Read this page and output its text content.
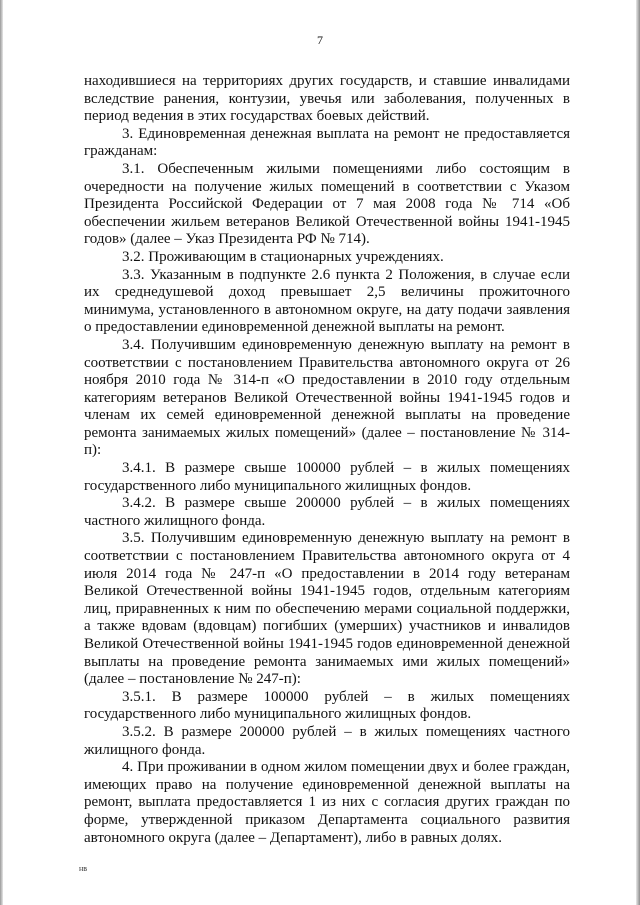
7

находившиеся на территориях других государств, и ставшие инвалидами вследствие ранения, контузии, увечья или заболевания, полученных в период ведения в этих государствах боевых действий.

3. Единовременная денежная выплата на ремонт не предоставляется гражданам:

3.1. Обеспеченным жилыми помещениями либо состоящим в очередности на получение жилых помещений в соответствии с Указом Президента Российской Федерации от 7 мая 2008 года № 714 «Об обеспечении жильем ветеранов Великой Отечественной войны 1941-1945 годов» (далее – Указ Президента РФ № 714).

3.2. Проживающим в стационарных учреждениях.

3.3. Указанным в подпункте 2.6 пункта 2 Положения, в случае если их среднедушевой доход превышает 2,5 величины прожиточного минимума, установленного в автономном округе, на дату подачи заявления о предоставлении единовременной денежной выплаты на ремонт.

3.4. Получившим единовременную денежную выплату на ремонт в соответствии с постановлением Правительства автономного округа от 26 ноября 2010 года № 314-п «О предоставлении в 2010 году отдельным категориям ветеранов Великой Отечественной войны 1941-1945 годов и членам их семей единовременной денежной выплаты на проведение ремонта занимаемых жилых помещений» (далее – постановление № 314-п):

3.4.1. В размере свыше 100000 рублей – в жилых помещениях государственного либо муниципального жилищных фондов.

3.4.2. В размере свыше 200000 рублей – в жилых помещениях частного жилищного фонда.

3.5. Получившим единовременную денежную выплату на ремонт в соответствии с постановлением Правительства автономного округа от 4 июля 2014 года № 247-п «О предоставлении в 2014 году ветеранам Великой Отечественной войны 1941-1945 годов, отдельным категориям лиц, приравненных к ним по обеспечению мерами социальной поддержки, а также вдовам (вдовцам) погибших (умерших) участников и инвалидов Великой Отечественной войны 1941-1945 годов единовременной денежной выплаты на проведение ремонта занимаемых ими жилых помещений» (далее – постановление № 247-п):

3.5.1. В размере 100000 рублей – в жилых помещениях государственного либо муниципального жилищных фондов.

3.5.2. В размере 200000 рублей – в жилых помещениях частного жилищного фонда.

4. При проживании в одном жилом помещении двух и более граждан, имеющих право на получение единовременной денежной выплаты на ремонт, выплата предоставляется 1 из них с согласия других граждан по форме, утвержденной приказом Департамента социального развития автономного округа (далее – Департамент), либо в равных долях.

нв
